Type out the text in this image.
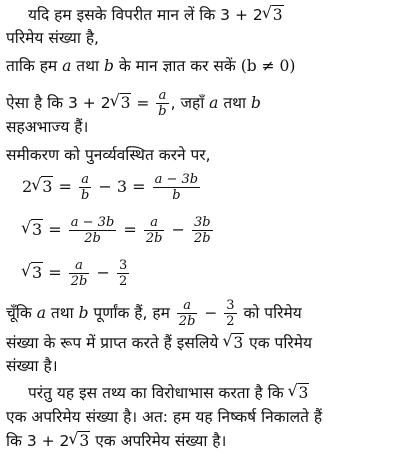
यदि हम इसके विपरीत मान लें कि 3 + 2 √ 3
परिमेय संख्या है,
ताकि हम a तथा b के मान ज्ञात कर सकें (b ≠ 0)
ऐसा है कि 3 + 2 √ $3 = \frac{a}{b}$ , जहाँ a तथा b
सहअभाज्य हैं।
समीकरण को पुनर्व्यवस्थित करने पर,
2 √ $3 = \frac{a}{b} - 3 = \frac{a - 3b}{b}$
√ $3 = \frac{a - 3b}{2b} = \frac{a}{2b} - \frac{3b}{2b}$
√ $3 = \frac{a}{2b} - \frac{3}{2}$
चूँकि a तथा b पूर्णांक हैं, हम $\frac{a}{2b} - \frac{3}{2}$ को परिमेय
संख्या के रूप में प्राप्त करते हैं इसलिये √ 3 एक परिमेय
संख्या है।
परंतु यह इस तथ्य का विरोधाभास करता है कि √ 3
एक अपरिमेय संख्या है। अत: हम यह निष्कर्ष निकालते हैं
कि 3 + 2 √ 3 एक अपरिमेय संख्या है।
